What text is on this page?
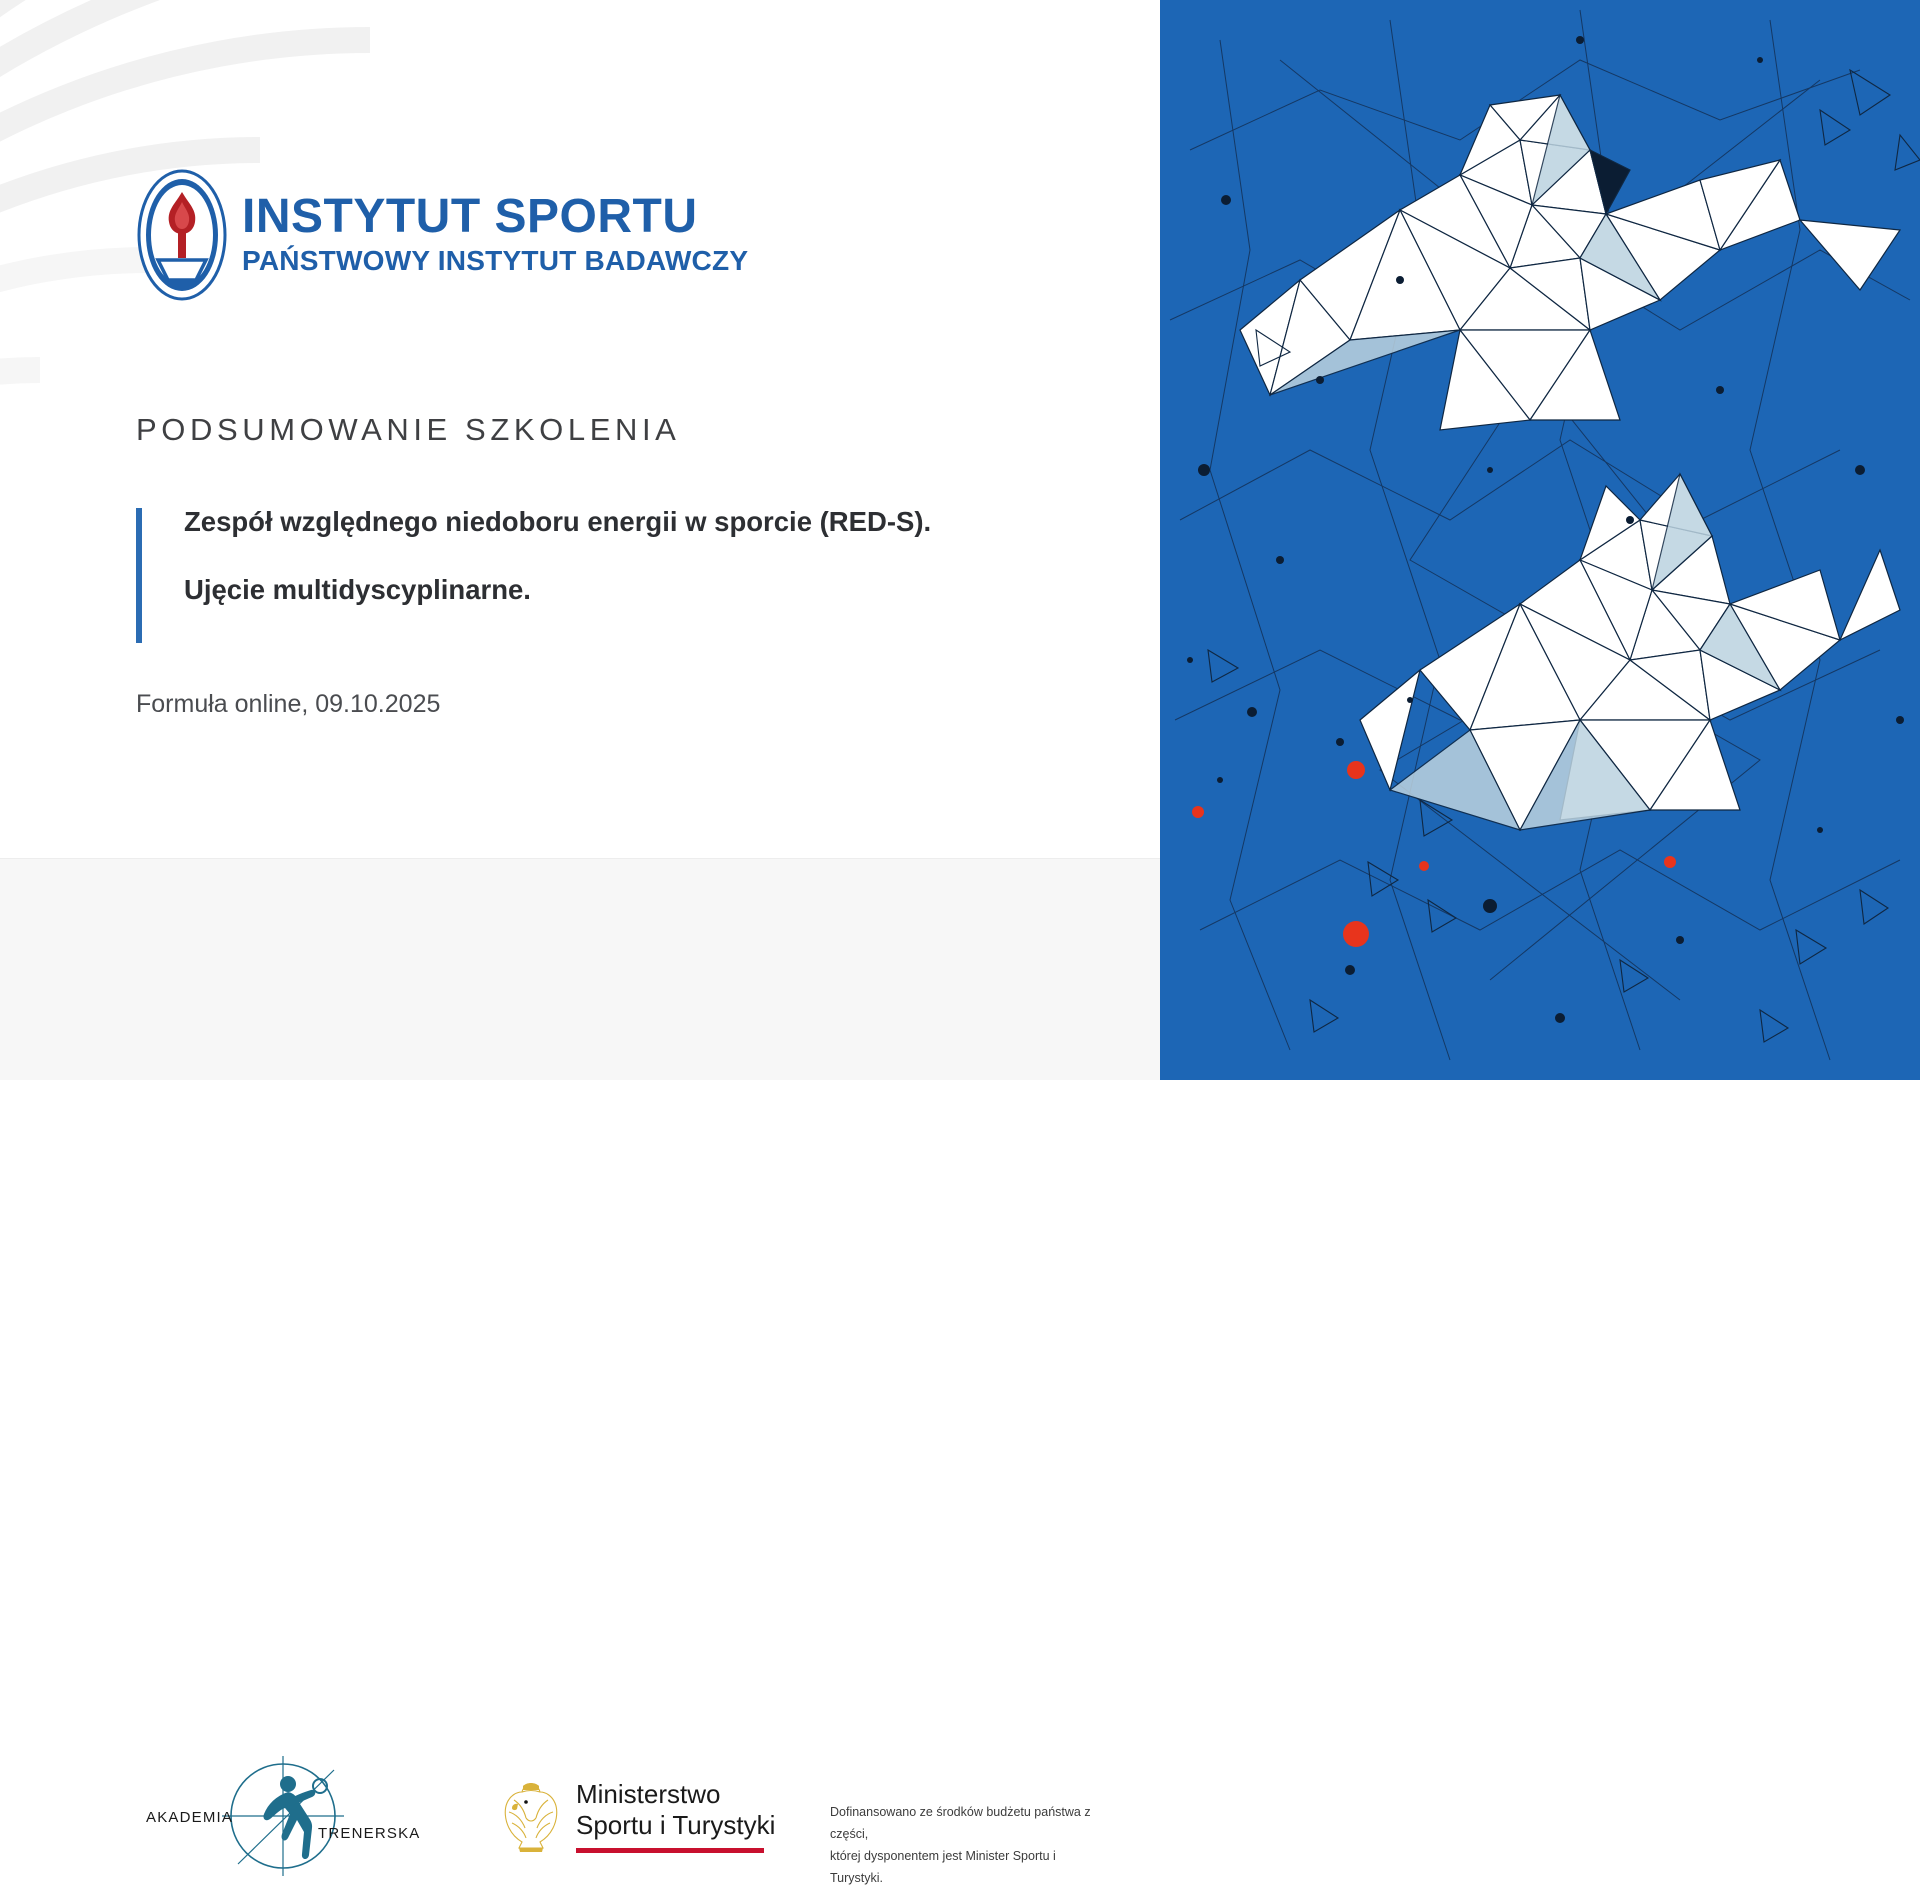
INSTYTUT SPORTU
PAŃSTWOWY INSTYTUT BADAWCZY
PODSUMOWANIE SZKOLENIA
Zespół względnego niedoboru energii w sporcie (RED-S).
Ujęcie multidyscyplinarne.
Formuła online, 09.10.2025
AKADEMIA
TRENERSKA
Ministerstwo
Sportu i Turystyki	Dofinansowano ze środków budżetu państwa z części,
której dysponentem jest Minister Sportu i Turystyki.
